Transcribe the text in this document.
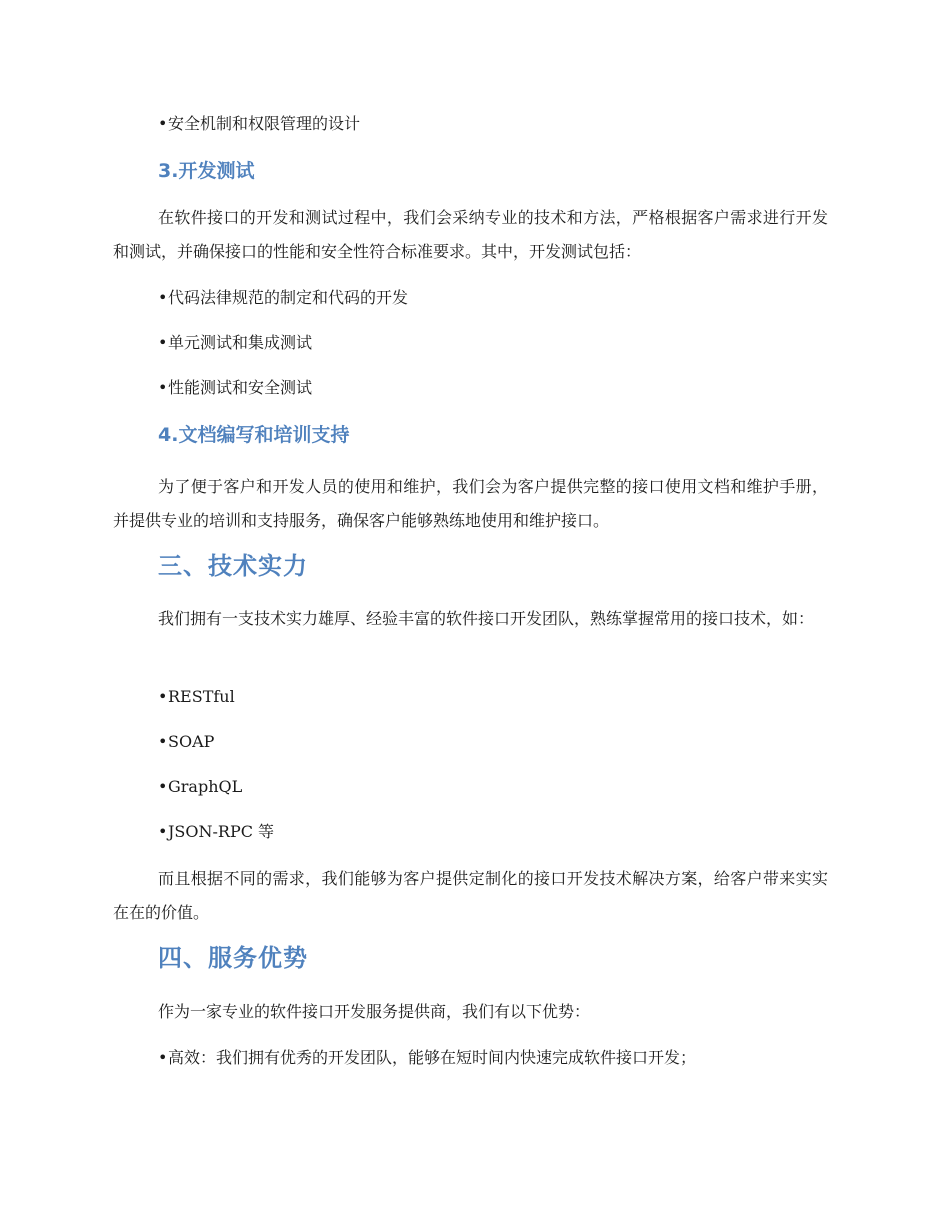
•安全机制和权限管理的设计

3.开发测试

在软件接口的开发和测试过程中，我们会采纳专业的技术和方法，严格根据客户需求进行开发和测试，并确保接口的性能和安全性符合标准要求。其中，开发测试包括：

•代码法律规范的制定和代码的开发

•单元测试和集成测试

•性能测试和安全测试

4.文档编写和培训支持

为了便于客户和开发人员的使用和维护，我们会为客户提供完整的接口使用文档和维护手册，并提供专业的培训和支持服务，确保客户能够熟练地使用和维护接口。

三、技术实力

我们拥有一支技术实力雄厚、经验丰富的软件接口开发团队，熟练掌握常用的接口技术，如：

•RESTful

•SOAP

•GraphQL

•JSON-RPC 等

而且根据不同的需求，我们能够为客户提供定制化的接口开发技术解决方案，给客户带来实实在在的价值。

四、服务优势

作为一家专业的软件接口开发服务提供商，我们有以下优势：

•高效：我们拥有优秀的开发团队，能够在短时间内快速完成软件接口开发；
